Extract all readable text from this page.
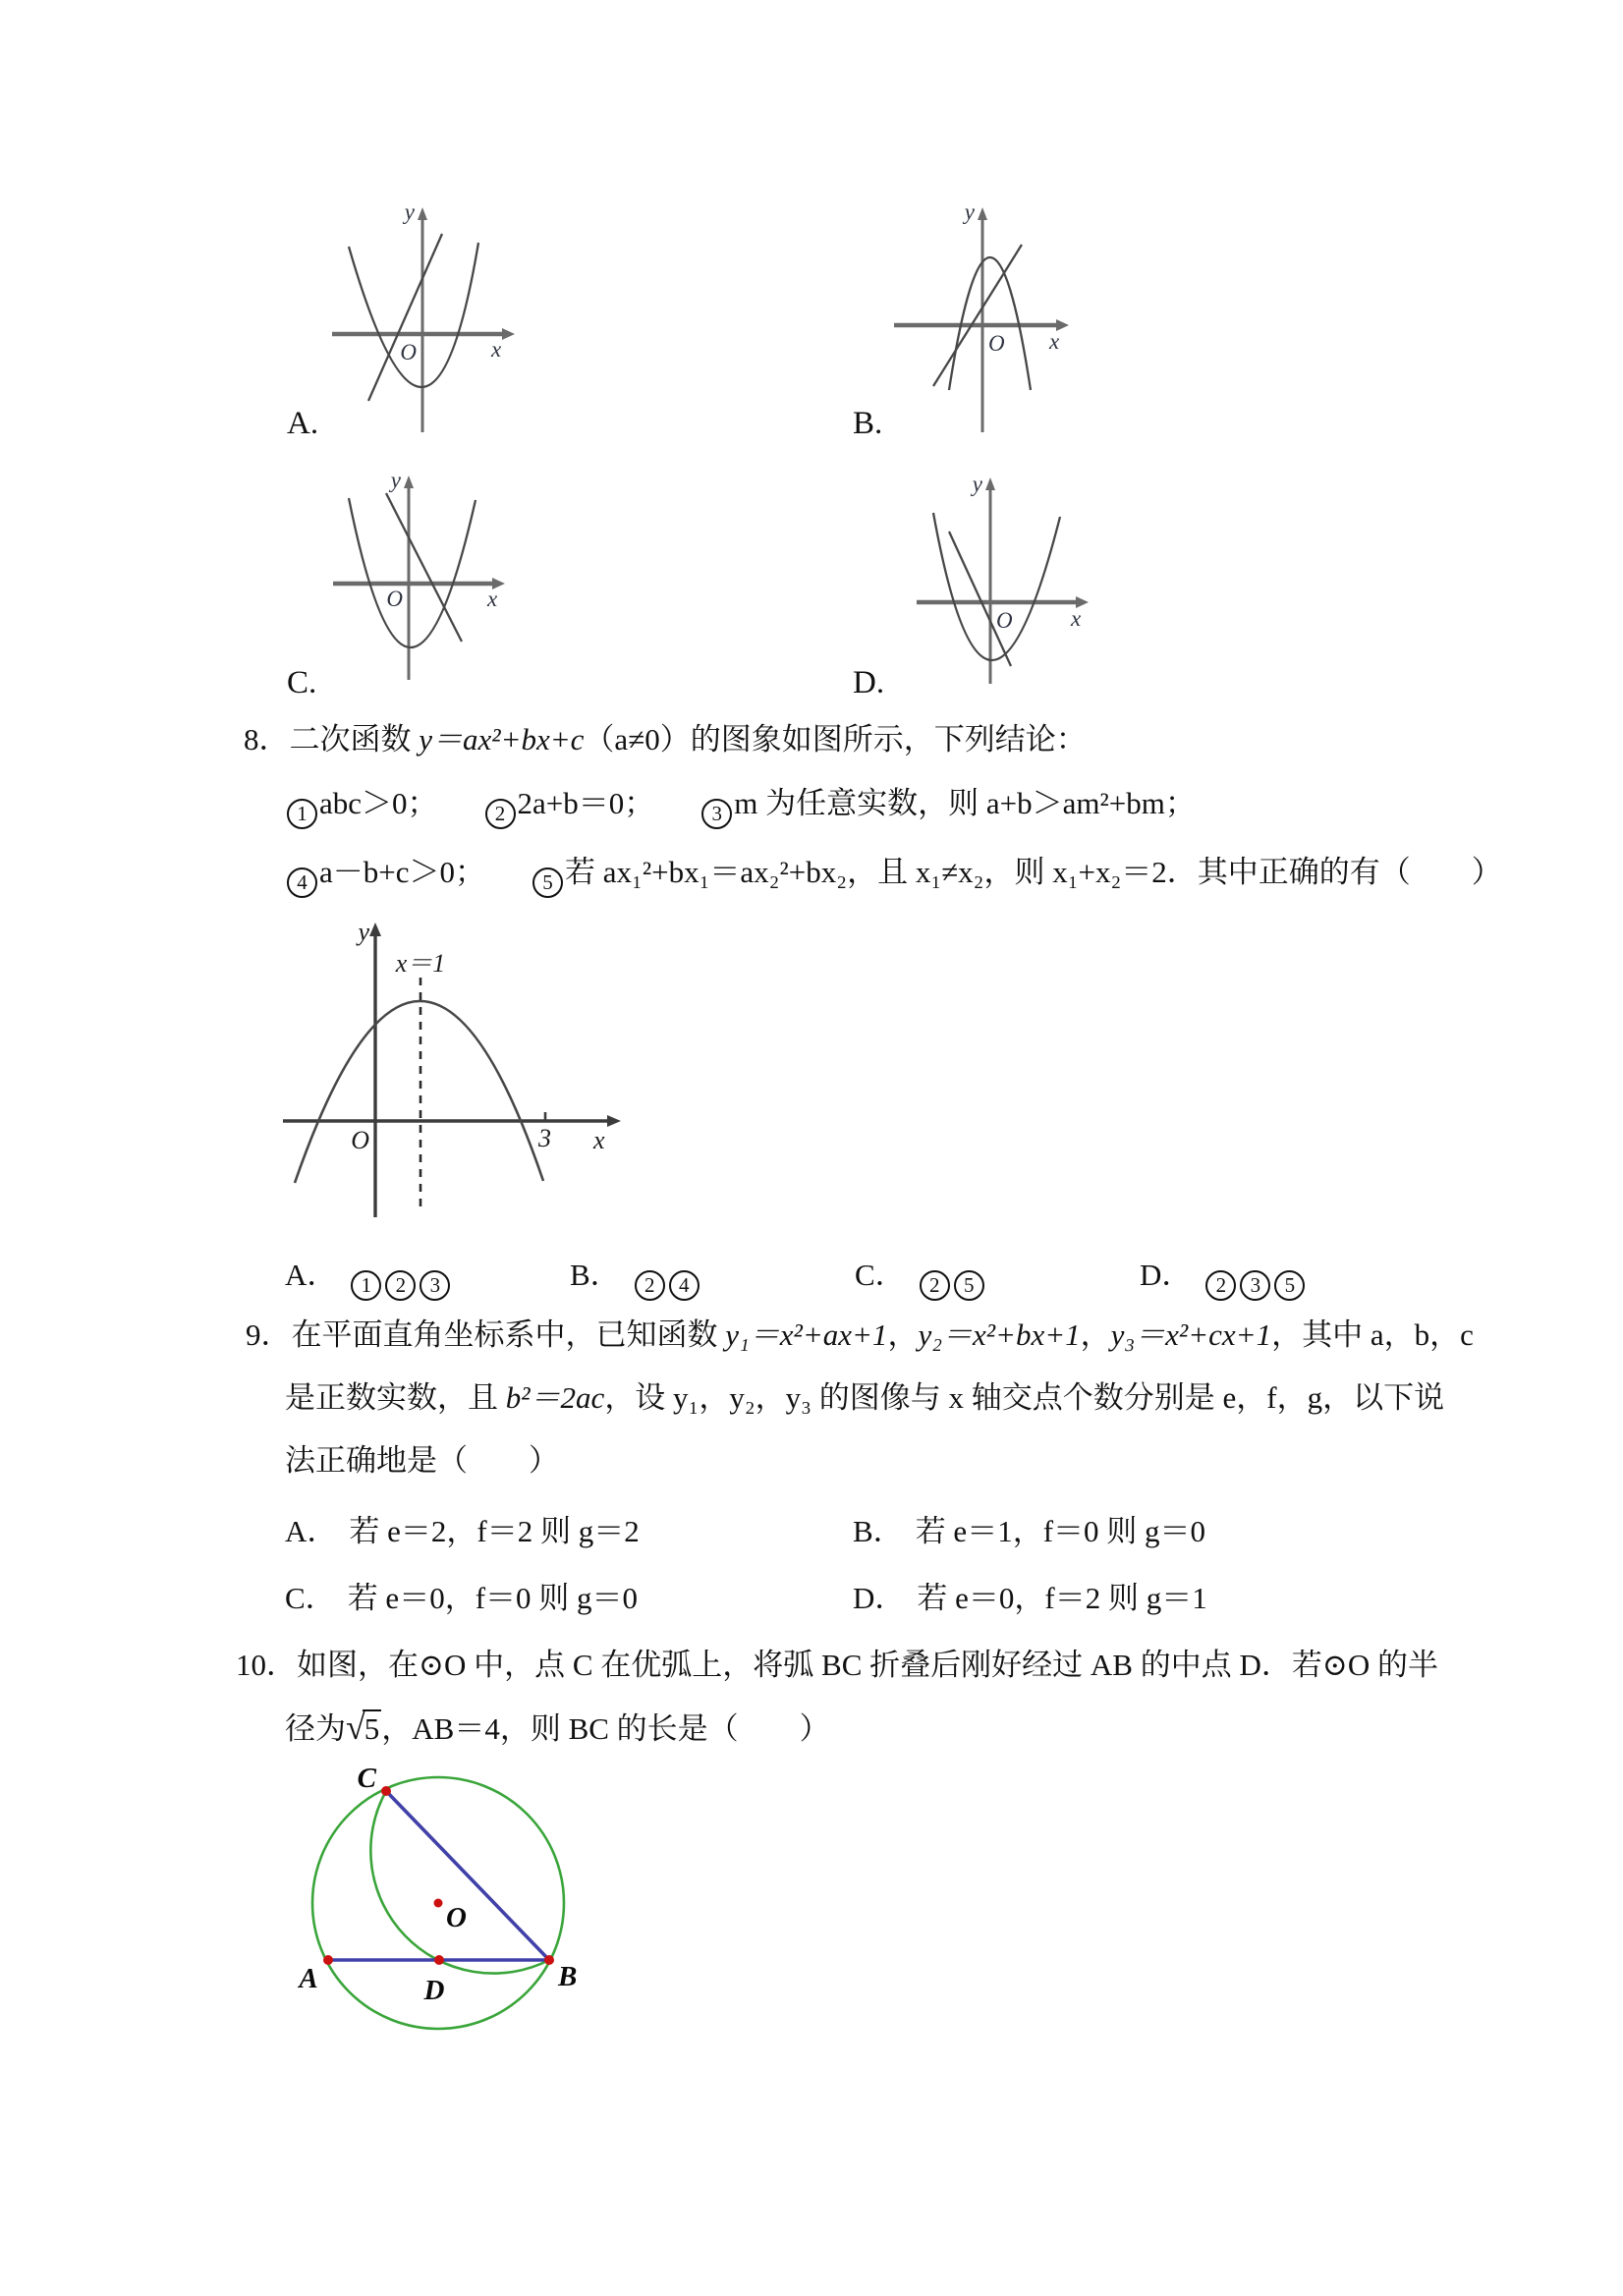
y
x
O
A.
y
x
O
B.
y
x
O
C.
y
x
O
D.
8．二次函数 y＝ax²+bx+c（a≠0）的图象如图所示，下列结论：
1 abc＞0；	2 2a+b＝0；	3 m 为任意实数，则 a+b＞am²+bm；
4 a－b+c＞0；	5 若 ax₁²+bx₁＝ax₂²+bx₂，且 x₁≠x₂，则 x₁+x₂＝2．其中正确的有（　　）
y
x
O
x＝1
3
A． 1 2 3	B． 2 4	C． 2 5	D． 2 3 5
9．在平面直角坐标系中，已知函数 y₁＝x²+ax+1，y₂＝x²+bx+1，y₃＝x²+cx+1，其中 a，b，c
是正数实数，且 b²＝2ac，设 y₁，y₂，y₃ 的图像与 x 轴交点个数分别是 e，f，g，以下说
法正确地是（　　）
A． 若 e＝2，f＝2 则 g＝2	B． 若 e＝1，f＝0 则 g＝0
C． 若 e＝0，f＝0 则 g＝0	D． 若 e＝0，f＝2 则 g＝1
10．如图，在⊙O 中，点 C 在优弧上，将弧 BC 折叠后刚好经过 AB 的中点 D．若⊙O 的半
径为√5，AB＝4，则 BC 的长是（　　）
C
A	D	B
O
